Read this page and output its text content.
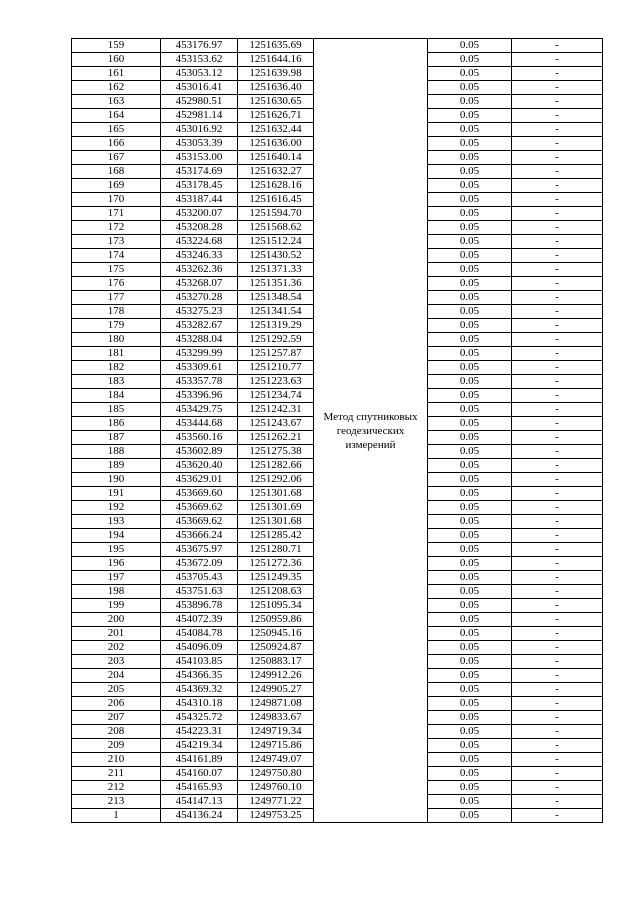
159	453176.97	1251635.69	Метод спутниковых геодезических измерений	0.05	-
160	453153.62	1251644.16		0.05	-
161	453053.12	1251639.98		0.05	-
162	453016.41	1251636.40		0.05	-
163	452980.51	1251630.65		0.05	-
164	452981.14	1251626.71		0.05	-
165	453016.92	1251632.44		0.05	-
166	453053.39	1251636.00		0.05	-
167	453153.00	1251640.14		0.05	-
168	453174.69	1251632.27		0.05	-
169	453178.45	1251628.16		0.05	-
170	453187.44	1251616.45		0.05	-
171	453200.07	1251594.70		0.05	-
172	453208.28	1251568.62		0.05	-
173	453224.68	1251512.24		0.05	-
174	453246.33	1251430.52		0.05	-
175	453262.36	1251371.33		0.05	-
176	453268.07	1251351.36		0.05	-
177	453270.28	1251348.54		0.05	-
178	453275.23	1251341.54		0.05	-
179	453282.67	1251319.29		0.05	-
180	453288.04	1251292.59		0.05	-
181	453299.99	1251257.87		0.05	-
182	453309.61	1251210.77		0.05	-
183	453357.78	1251223.63		0.05	-
184	453396.96	1251234.74		0.05	-
185	453429.75	1251242.31		0.05	-
186	453444.68	1251243.67		0.05	-
187	453560.16	1251262.21		0.05	-
188	453602.89	1251275.38		0.05	-
189	453620.40	1251282.66		0.05	-
190	453629.01	1251292.06		0.05	-
191	453669.60	1251301.68		0.05	-
192	453669.62	1251301.69		0.05	-
193	453669.62	1251301.68		0.05	-
194	453666.24	1251285.42		0.05	-
195	453675.97	1251280.71		0.05	-
196	453672.09	1251272.36		0.05	-
197	453705.43	1251249.35		0.05	-
198	453751.63	1251208.63		0.05	-
199	453896.78	1251095.34		0.05	-
200	454072.39	1250959.86		0.05	-
201	454084.78	1250945.16		0.05	-
202	454096.09	1250924.87		0.05	-
203	454103.85	1250883.17		0.05	-
204	454366.35	1249912.26		0.05	-
205	454369.32	1249905.27		0.05	-
206	454310.18	1249871.08		0.05	-
207	454325.72	1249833.67		0.05	-
208	454223.31	1249719.34		0.05	-
209	454219.34	1249715.86		0.05	-
210	454161.89	1249749.07		0.05	-
211	454160.07	1249750.80		0.05	-
212	454165.93	1249760.10		0.05	-
213	454147.13	1249771.22		0.05	-
1	454136.24	1249753.25		0.05	-
